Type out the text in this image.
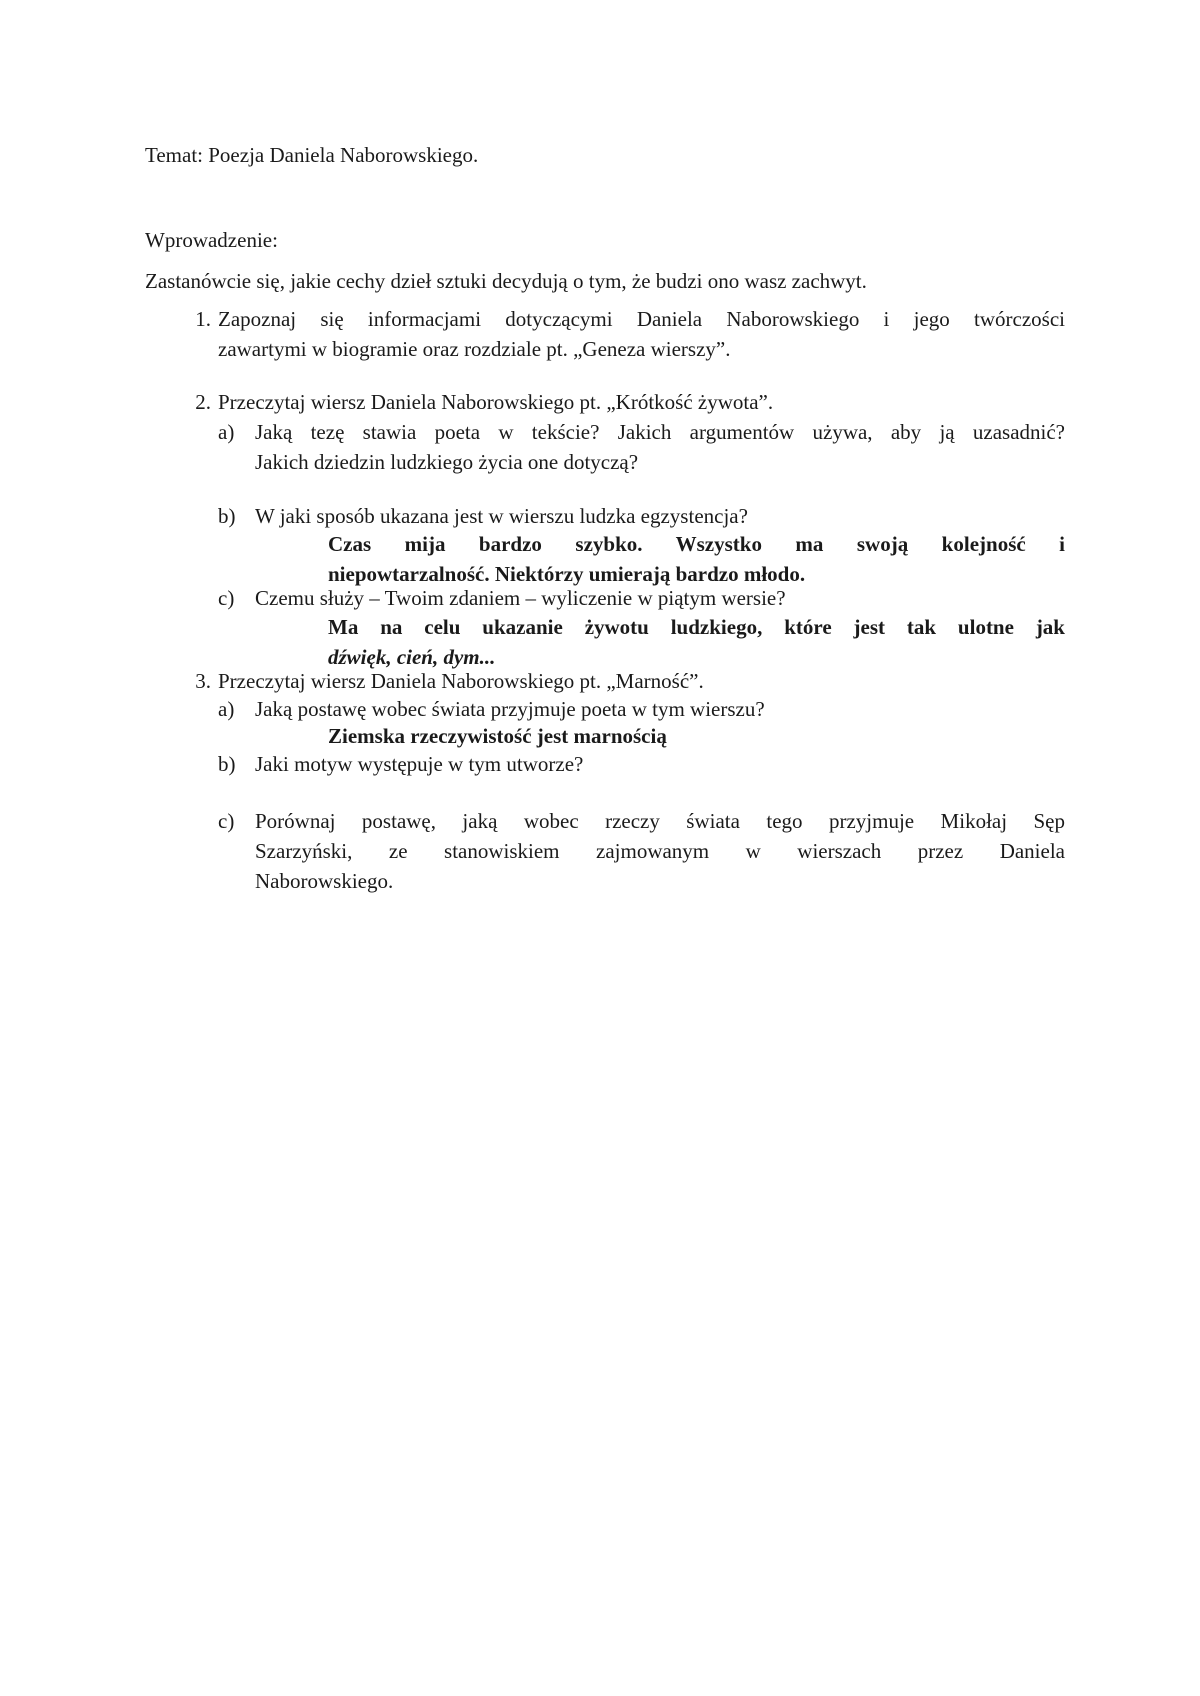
Temat: Poezja Daniela Naborowskiego.

Wprowadzenie:

Zastanówcie się, jakie cechy dzieł sztuki decydują o tym, że budzi ono wasz zachwyt.

1. Zapoznaj się informacjami dotyczącymi Daniela Naborowskiego i jego twórczości
zawartymi w biogramie oraz rozdziale pt. „Geneza wierszy”.
2. Przeczytaj wiersz Daniela Naborowskiego pt. „Krótkość żywota”.
a) Jaką tezę stawia poeta w tekście? Jakich argumentów używa, aby ją uzasadnić?
Jakich dziedzin ludzkiego życia one dotyczą?
b) W jaki sposób ukazana jest w wierszu ludzka egzystencja?
Czas mija bardzo szybko. Wszystko ma swoją kolejność i
niepowtarzalność. Niektórzy umierają bardzo młodo.
c) Czemu służy – Twoim zdaniem – wyliczenie w piątym wersie?
Ma na celu ukazanie żywotu ludzkiego, które jest tak ulotne jak
dźwięk, cień, dym...
3. Przeczytaj wiersz Daniela Naborowskiego pt. „Marność”.
a) Jaką postawę wobec świata przyjmuje poeta w tym wierszu?
Ziemska rzeczywistość jest marnością
b) Jaki motyw występuje w tym utworze?
c) Porównaj postawę, jaką wobec rzeczy świata tego przyjmuje Mikołaj Sęp
Szarzyński, ze stanowiskiem zajmowanym w wierszach przez Daniela
Naborowskiego.
